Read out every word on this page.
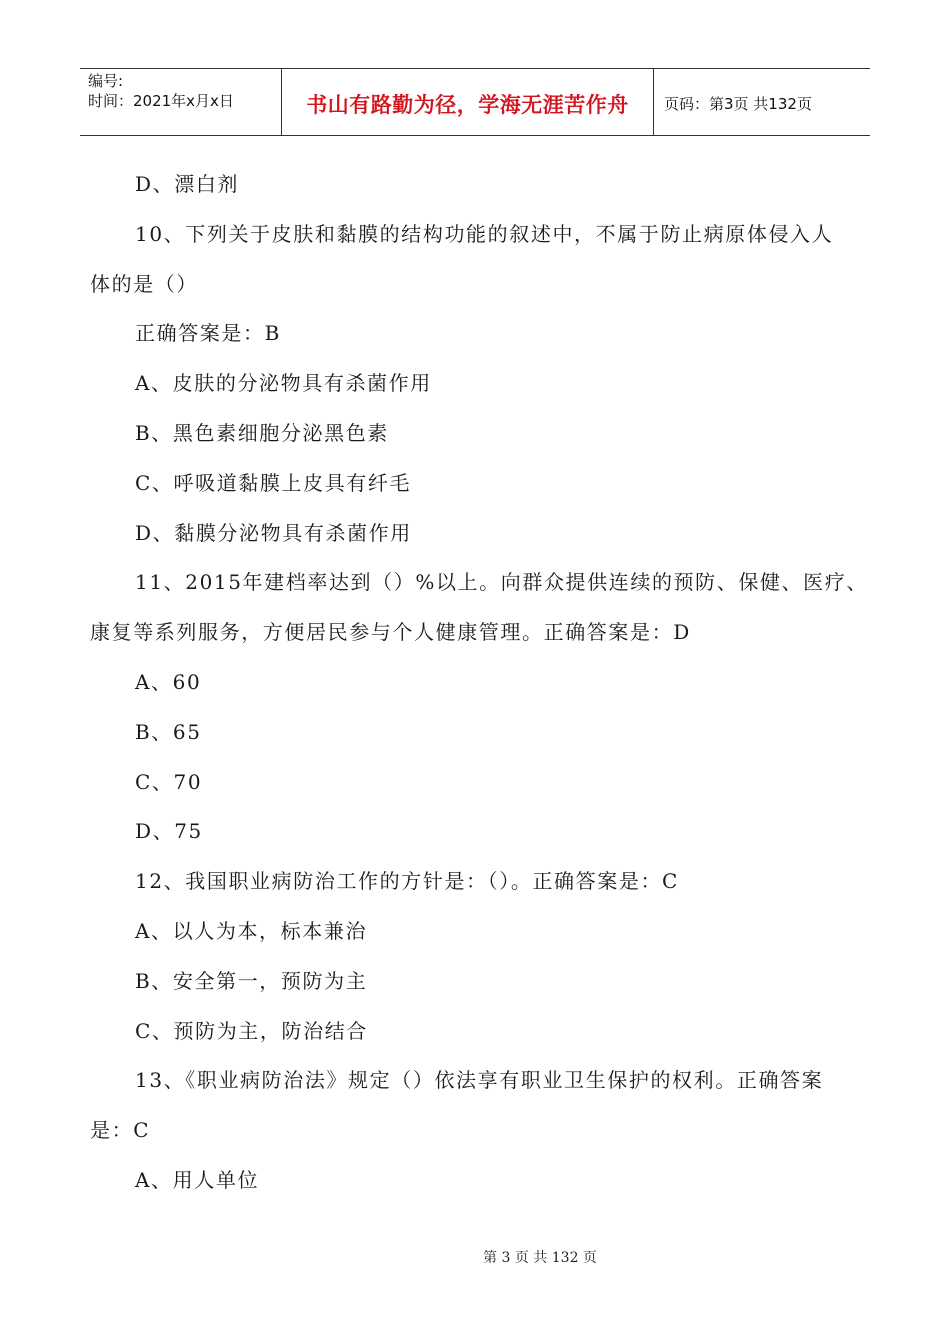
编号:
时间：2021年x月x日	书山有路勤为径，学海无涯苦作舟	页码：第3页 共132页
D、漂白剂
10、下列关于皮肤和黏膜的结构功能的叙述中，不属于防止病原体侵入人
体的是（）
正确答案是：B
A、皮肤的分泌物具有杀菌作用
B、黑色素细胞分泌黑色素
C、呼吸道黏膜上皮具有纤毛
D、黏膜分泌物具有杀菌作用
11、2015年建档率达到（）%以上。向群众提供连续的预防、保健、医疗、
康复等系列服务，方便居民参与个人健康管理。正确答案是：D
A、60
B、65
C、70
D、75
12、我国职业病防治工作的方针是：（）。正确答案是：C
A、以人为本，标本兼治
B、安全第一，预防为主
C、预防为主，防治结合
13、《职业病防治法》规定（）依法享有职业卫生保护的权利。正确答案
是：C
A、用人单位
第 3 页 共 132 页
